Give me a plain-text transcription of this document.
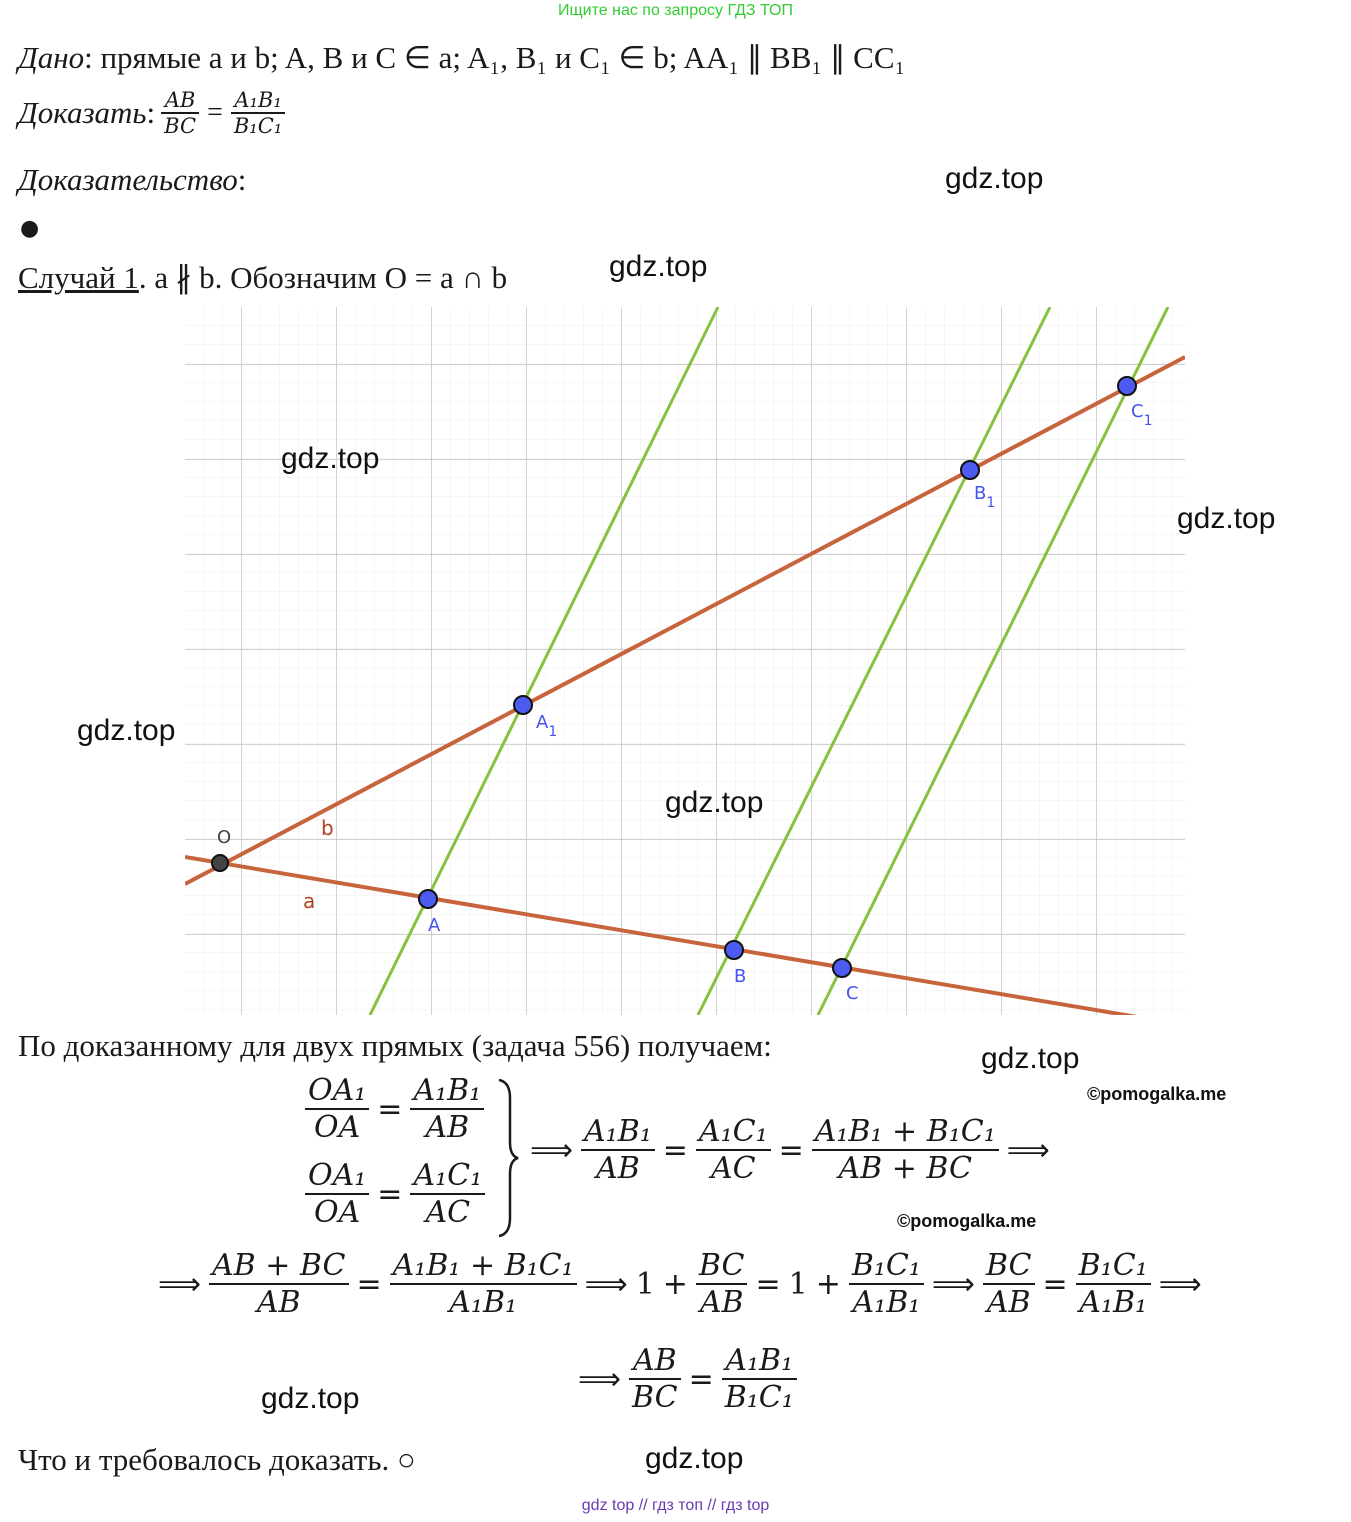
Ищите нас по запросу ГДЗ ТОП
Дано: прямые a и b; A, B и C ∈ a; A₁, B₁ и C₁ ∈ b; AA₁ ∥ BB₁ ∥ CC₁
Доказать : $\frac{AB}{BC} = \frac{\text{A₁B₁}}{\text{B₁C₁}}$
Доказательство:
●
Случай 1. a ∦ b. Обозначим O = a ∩ b
b
a
O
A
B
C
$A_1$
$B_1$
$C_1$
По доказанному для двух прямых (задача 556) получаем:
$\frac{\text{OA₁}}{OA} = \frac{\text{A₁B₁}}{AB}$
$\frac{\text{OA₁}}{OA} = \frac{\text{A₁C₁}}{AC}$
⟹ $\frac{\text{A₁B₁}}{AB} = \frac{\text{A₁C₁}}{AC} = \frac{\text{A₁B₁ + B₁C₁}}{AB + BC}$ ⟹
⟹ $\frac{AB + BC}{AB} = \frac{\text{A₁B₁ + B₁C₁}}{\text{A₁B₁}}$ ⟹ $1 + \frac{BC}{AB} = 1 + \frac{\text{B₁C₁}}{\text{A₁B₁}}$ ⟹ $\frac{BC}{AB} = \frac{\text{B₁C₁}}{\text{A₁B₁}}$ ⟹
⟹ $\frac{AB}{BC} = \frac{\text{A₁B₁}}{\text{B₁C₁}}$
Что и требовалось доказать. ○
gdz.top
gdz.top
gdz.top
gdz.top
gdz.top
gdz.top
gdz.top
gdz.top
gdz.top
©pomogalka.me
©pomogalka.me
gdz top // гдз топ // гдз top
